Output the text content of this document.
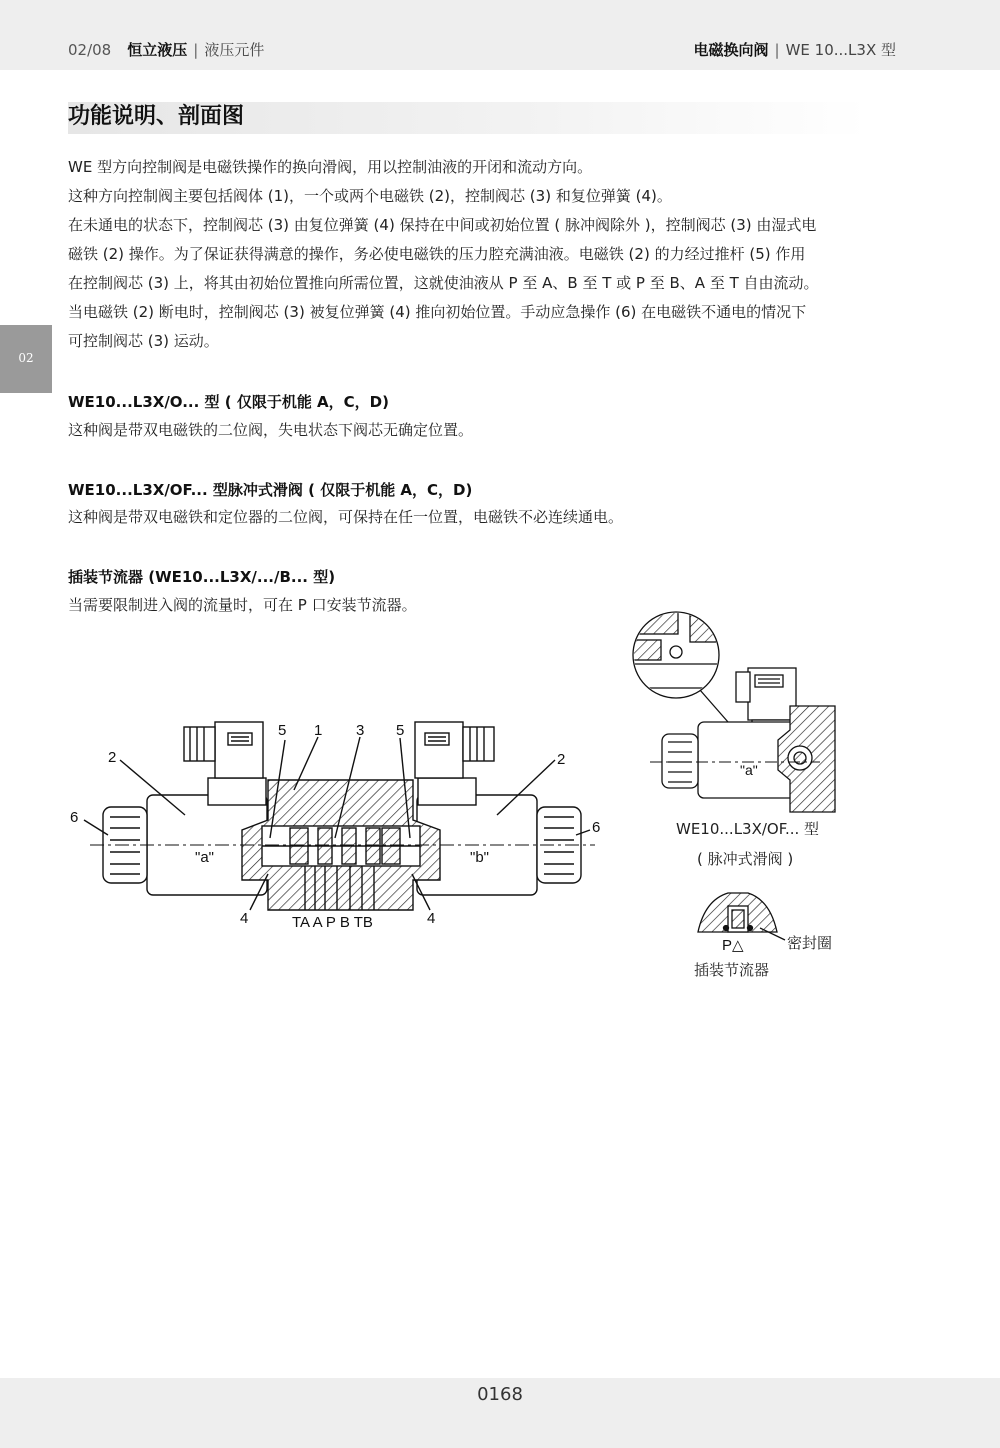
02/08 恒立液压 | 液压元件	电磁换向阀 | WE 10...L3X 型
02
功能说明、剖面图
WE 型方向控制阀是电磁铁操作的换向滑阀，用以控制油液的开闭和流动方向。
这种方向控制阀主要包括阀体 (1)，一个或两个电磁铁 (2)，控制阀芯 (3) 和复位弹簧 (4)。
在未通电的状态下，控制阀芯 (3) 由复位弹簧 (4) 保持在中间或初始位置 ( 脉冲阀除外 )，控制阀芯 (3) 由湿式电
磁铁 (2) 操作。为了保证获得满意的操作，务必使电磁铁的压力腔充满油液。电磁铁 (2) 的力经过推杆 (5) 作用
在控制阀芯 (3) 上，将其由初始位置推向所需位置，这就使油液从 P 至 A、B 至 T 或 P 至 B、A 至 T 自由流动。
当电磁铁 (2) 断电时，控制阀芯 (3) 被复位弹簧 (4) 推向初始位置。手动应急操作 (6) 在电磁铁不通电的情况下
可控制阀芯 (3) 运动。
WE10...L3X/O... 型 ( 仅限于机能 A，C，D)
这种阀是带双电磁铁的二位阀，失电状态下阀芯无确定位置。
WE10...L3X/OF... 型脉冲式滑阀 ( 仅限于机能 A，C，D)
这种阀是带双电磁铁和定位器的二位阀，可保持在任一位置，电磁铁不必连续通电。
插装节流器 (WE10...L3X/.../B... 型)
当需要限制进入阀的流量时，可在 P 口安装节流器。
2
5 1 3 5
2
6
6
4	4
"a"	"b"
TA A P B TB
"a"
P△
WE10...L3X/OF... 型
( 脉冲式滑阀 )
密封圈
插装节流器
0168
